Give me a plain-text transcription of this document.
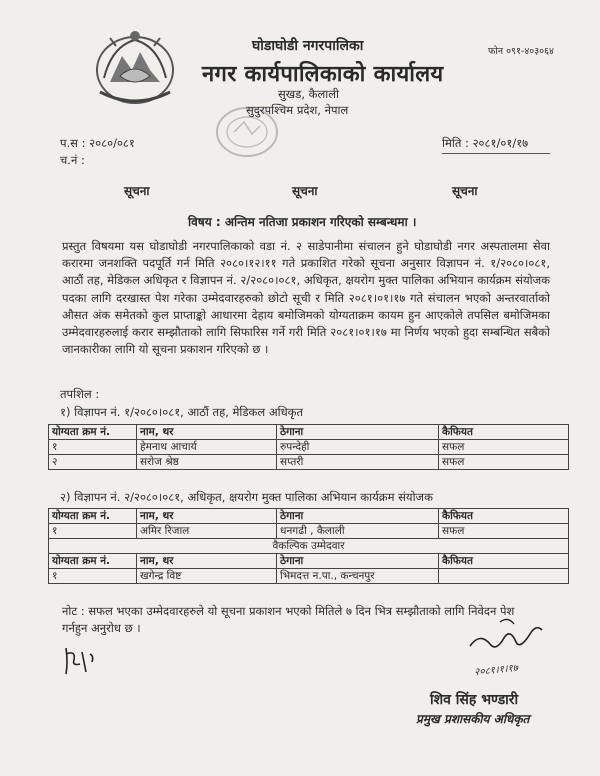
घोडाघोडी नगरपालिका
नगर कार्यपालिकाको कार्यालय
सुखड, कैलाली
सुदुरपश्चिम प्रदेश, नेपाल
फोन ०९१-४०३०६४
प.स : २०८०/०८१
च.नं :
मिति : २०८१/०१/१७
सूचना	सूचना	सूचना
विषय : अन्तिम नतिजा प्रकाशन गरिएको सम्बन्धमा ।
प्रस्तुत विषयमा यस घोडाघोडी नगरपालिकाको वडा नं. २ साडेपानीमा संचालन हुने घोडाघोडी नगर अस्पतालमा सेवा करारमा जनशक्ति पदपूर्ति गर्न मिति २०८०।१२।११ गते प्रकाशित गरेको सूचना अनुसार विज्ञापन नं. १/२०८०।०८१, आठौं तह, मेडिकल अधिकृत र विज्ञापन नं. २/२०८०।०८१, अधिकृत, क्षयरोग मुक्त पालिका अभियान कार्यक्रम संयोजक पदका लागि दरखास्त पेश गरेका उम्मेदवारहरुको छोटो सूची र मिति २०८१।०१।१७ गते संचालन भएको अन्तरवार्ताको औसत अंक समेतको कुल प्राप्ताङ्को आधारमा देहाय बमोजिमको योग्यताक्रम कायम हुन आएकोले तपसिल बमोजिमका उम्मेदवारहरुलाई करार सम्झौताको लागि सिफारिस गर्ने गरी मिति २०८१।०१।१७ मा निर्णय भएको हुदा सम्बन्धित सबैको जानकारीका लागि यो सूचना प्रकाशन गरिएको छ ।
तपशिल :
१) विज्ञापन नं. १/२०८०।०८१, आठौं तह, मेडिकल अधिकृत
योग्यता क्रम नं.	नाम, थर	ठेगाना	कैफियत
१	हेमनाथ आचार्य	रुपन्देही	सफल
२	सरोज श्रेष्ठ	सप्तरी	सफल
२) विज्ञापन नं. २/२०८०।०८१, अधिकृत, क्षयरोग मुक्त पालिका अभियान कार्यक्रम संयोजक
योग्यता क्रम नं.	नाम, थर	ठेगाना	कैफियत
१	अमिर रिजाल	धनगढी , कैलाली	सफल
वैकल्पिक उम्मेदवार			
योग्यता क्रम नं.	नाम, थर	ठेगाना	कैफियत
१	खगेन्द्र विष्ट	भिमदत्त न.पा., कन्चनपुर	
नोट : सफल भएका उम्मेदवारहरुले यो सूचना प्रकाशन भएको मितिले ७ दिन भित्र सम्झौताको लागि निवेदन पेश गर्नहुन अनुरोध छ ।
२०८१।१।१७
शिव सिंह भण्डारी
प्रमुख प्रशासकीय अधिकृत
